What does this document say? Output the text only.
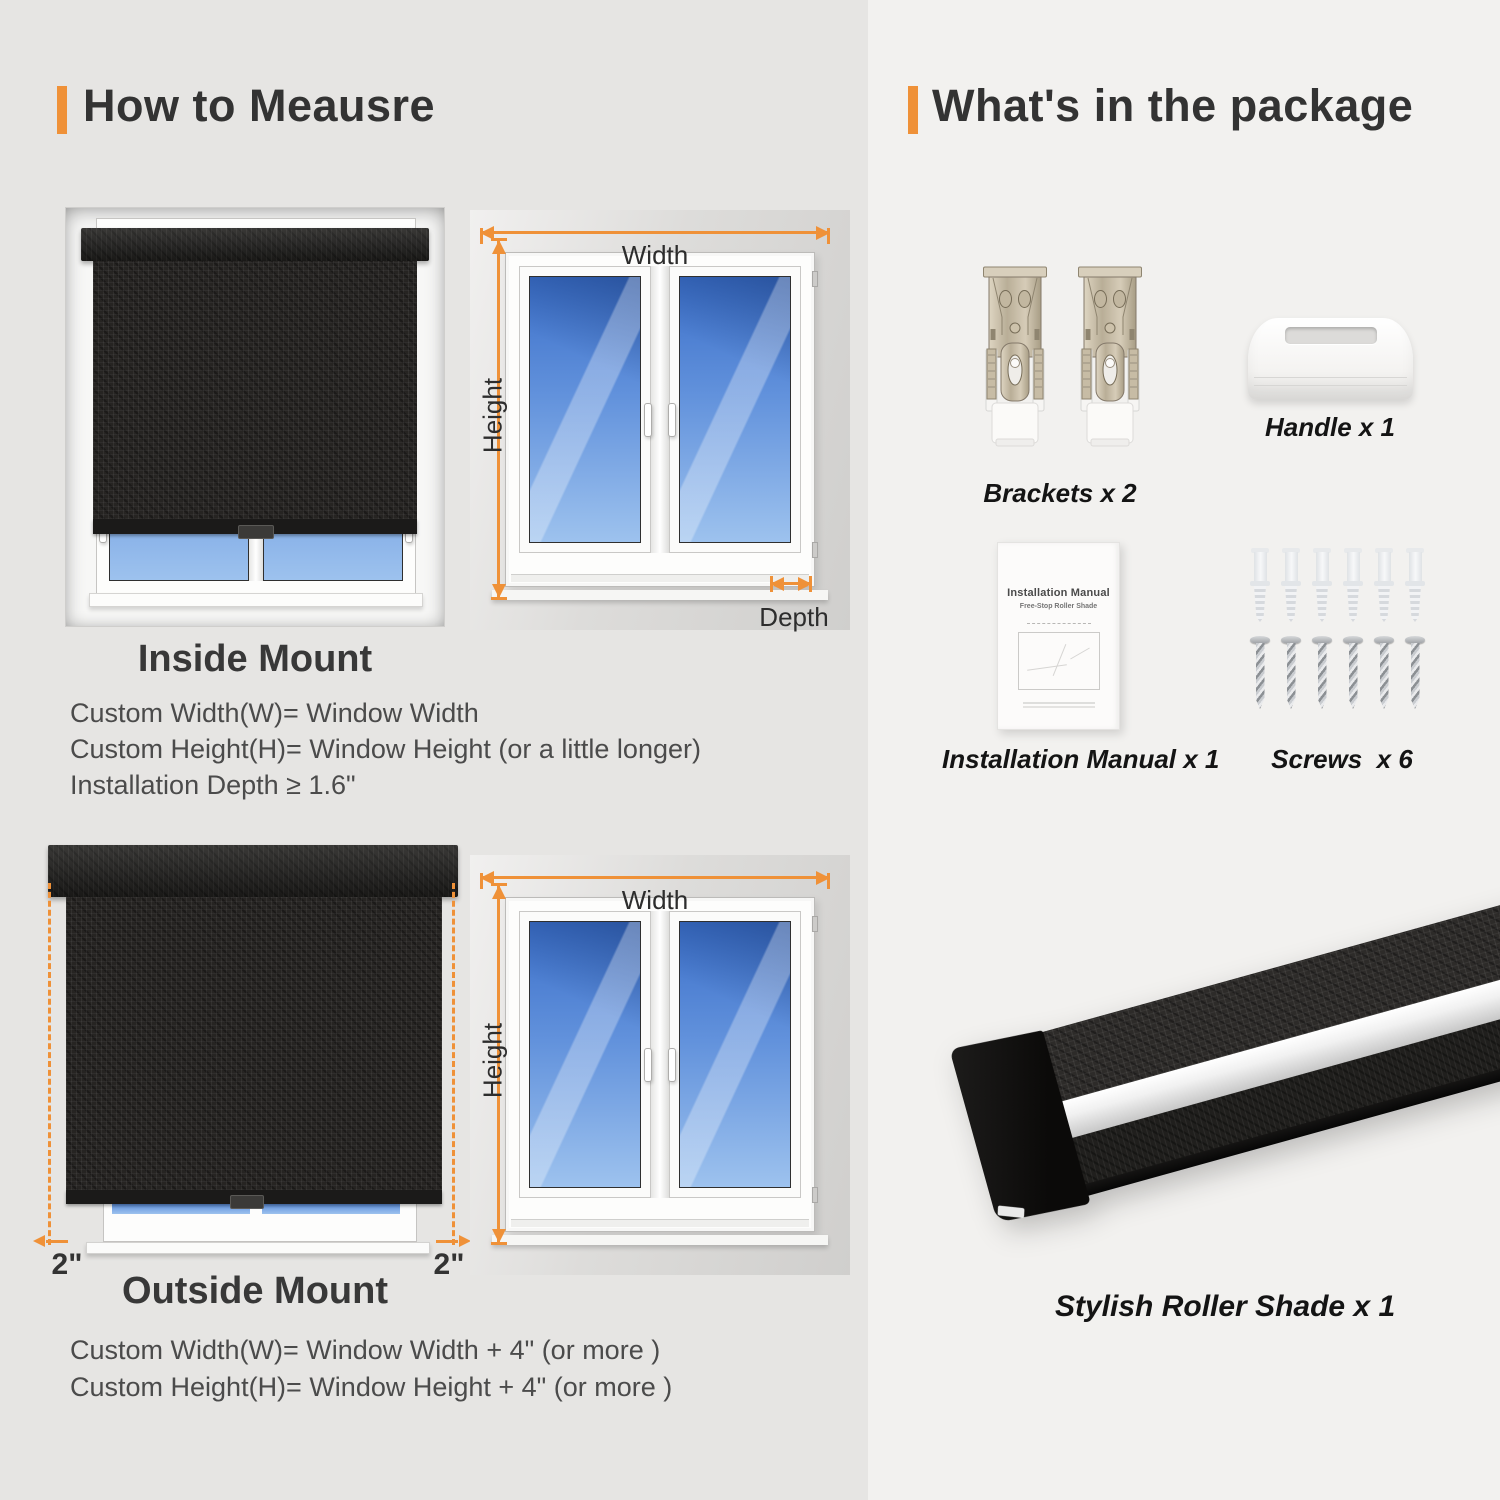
How to Meausre
Width
Height
Depth
Inside Mount
Custom Width(W)= Window Width
Custom Height(H)= Window Height (or a little longer)
Installation Depth ≥ 1.6"
2"	2"
Width
Height
Outside Mount
Custom Width(W)= Window Width + 4" (or more )
Custom Height(H)= Window Height + 4" (or more )
What's in the package
Brackets x 2
Handle x 1
Installation Manual
Free-Stop Roller Shade
Installation Manual x 1	Screws  x 6
Stylish Roller Shade x 1
